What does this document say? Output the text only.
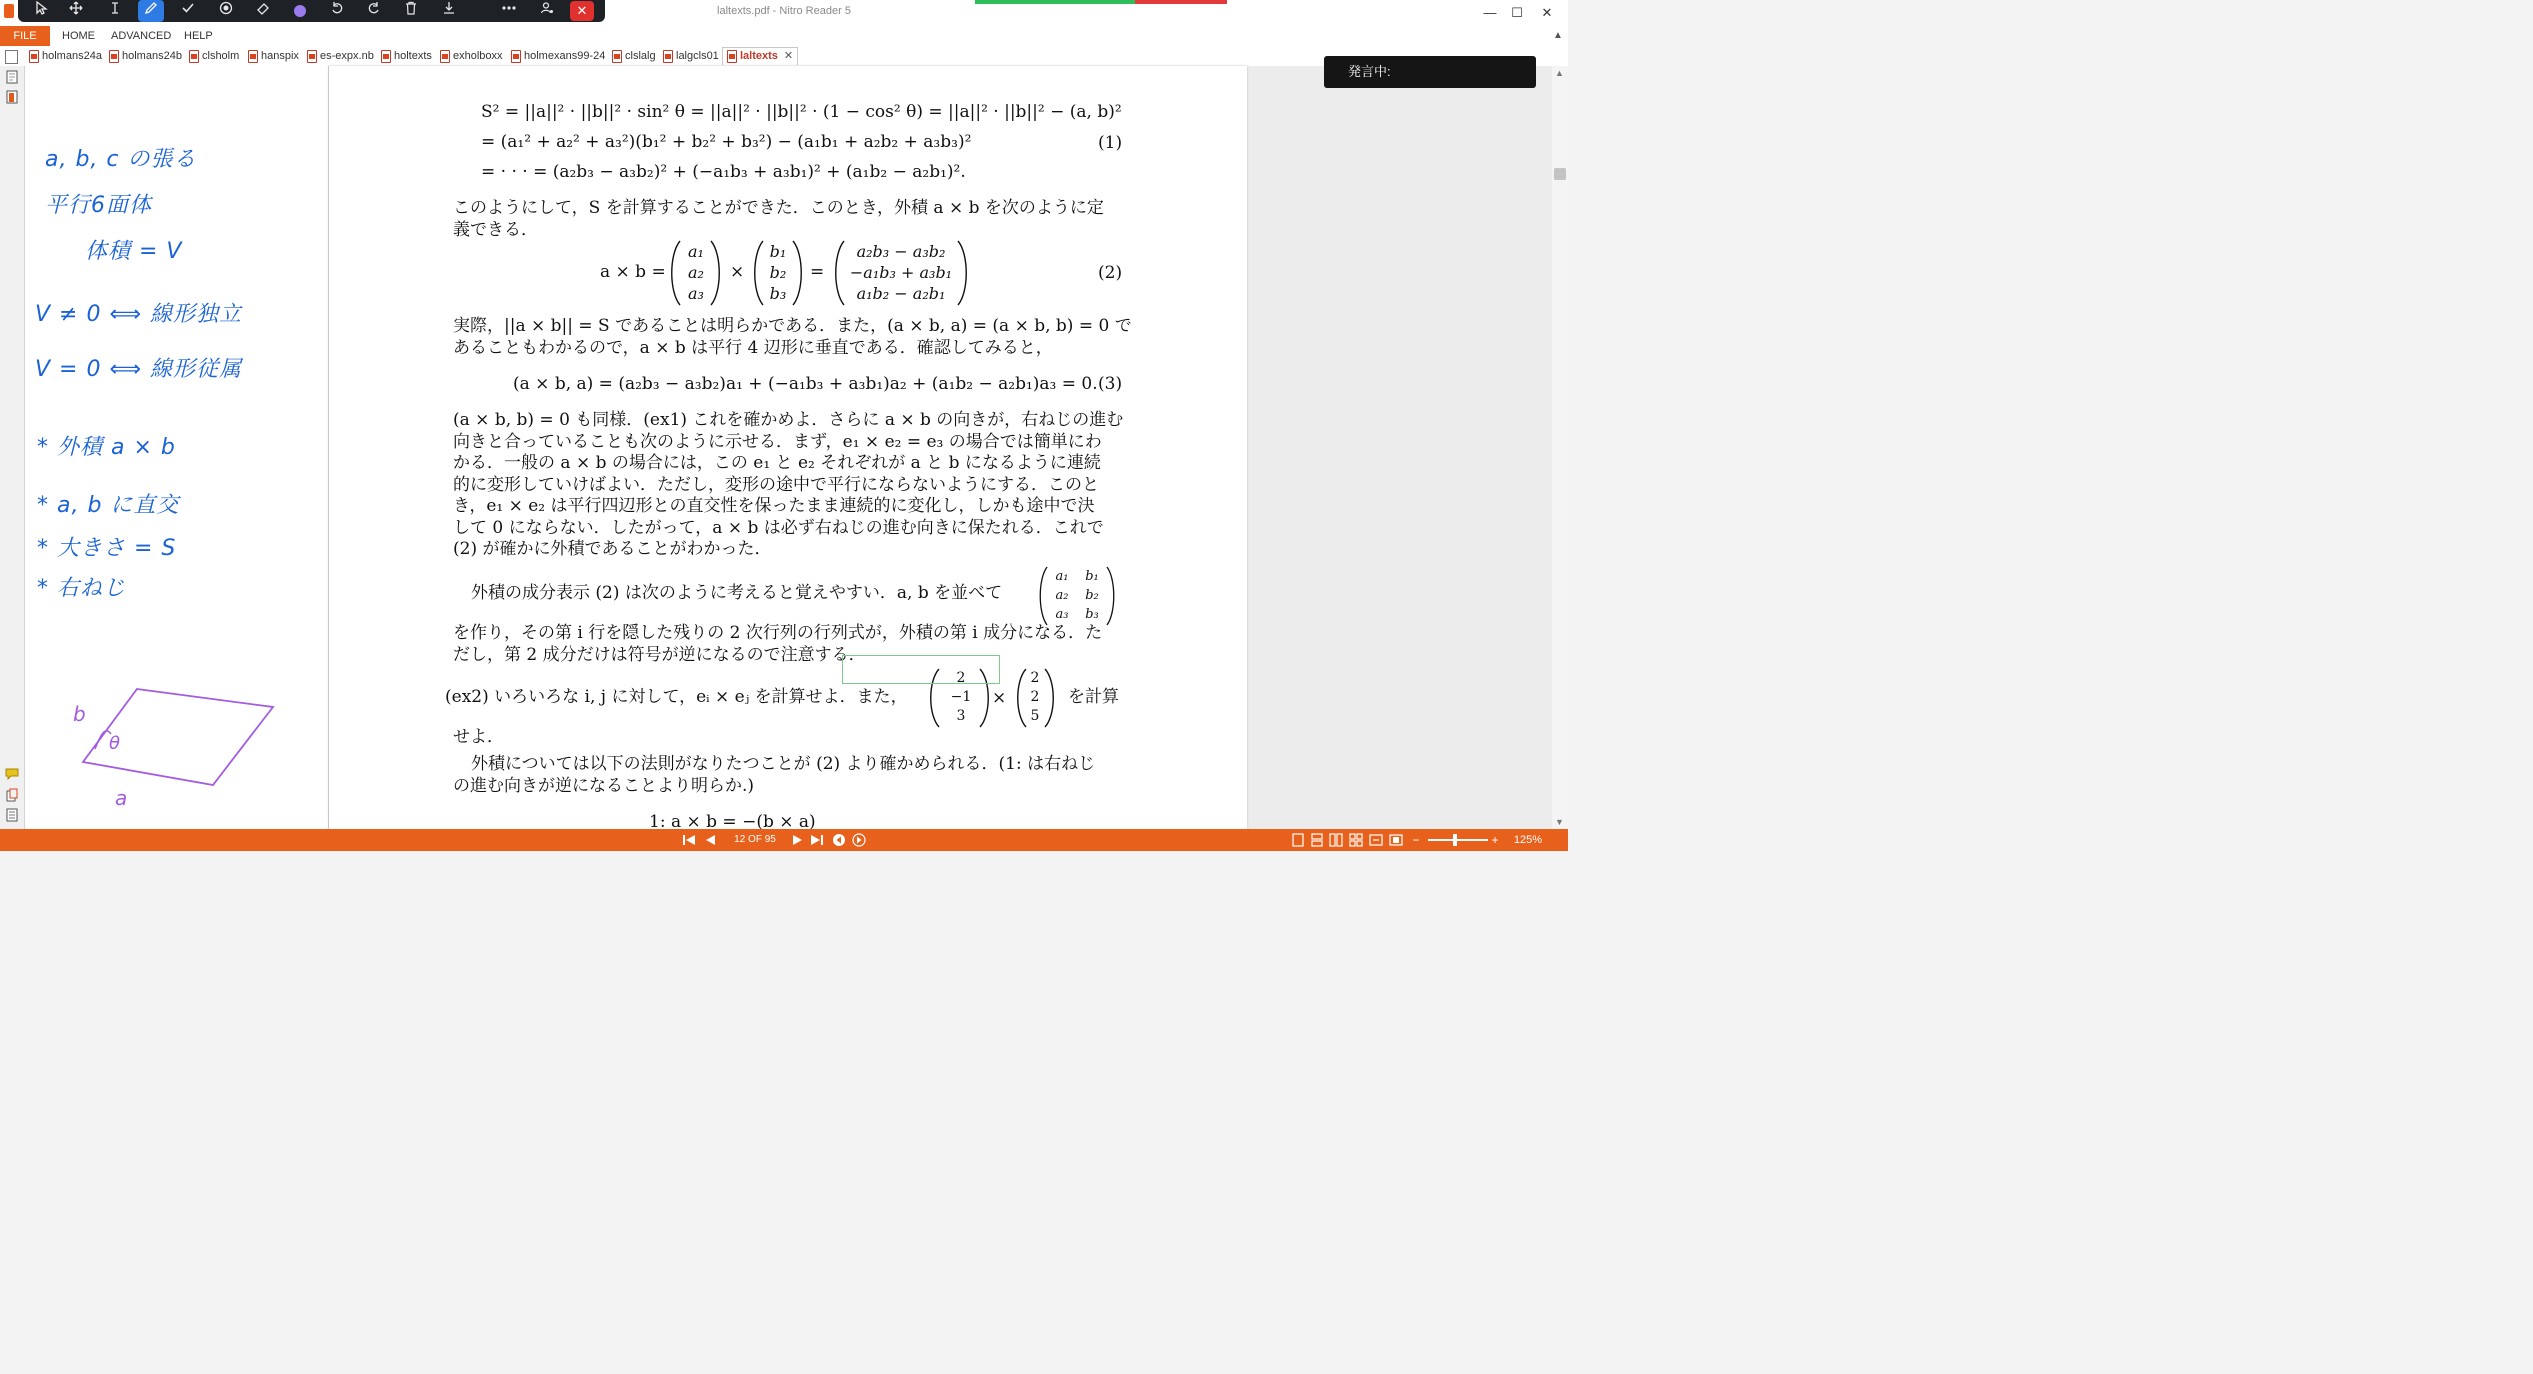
laltexts.pdf - Nitro Reader 5	—	☐	✕
✕
FILE	HOME ADVANCED HELP	▲
holmans24a holmans24b clsholm hanspix es-expx.nb holtexts exholboxx holmexans99-24 clslalg lalgcls01 laltexts ✕
a, b, c の張る
平行6面体
体積 = V
V ≠ 0 ⟺ 線形独立
V = 0 ⟺ 線形従属
* 外積 a × b
* a, b に直交
* 大きさ = S
* 右ねじ
b
θ
a
S² = ||a||² · ||b||² · sin² θ = ||a||² · ||b||² · (1 − cos² θ) = ||a||² · ||b||² − (a, b)²
= (a₁² + a₂² + a₃²)(b₁² + b₂² + b₃²) − (a₁b₁ + a₂b₂ + a₃b₃)²	(1)
= · · · = (a₂b₃ − a₃b₂)² + (−a₁b₃ + a₃b₁)² + (a₁b₂ − a₂b₁)².
このようにして，S を計算することができた．このとき，外積 a × b を次のように定
義できる．
a × b =
a₁
a₂
a₃
×
b₁
b₂
b₃
=
a₂b₃ − a₃b₂
−a₁b₃ + a₃b₁
a₁b₂ − a₂b₁
(2)
実際，||a × b|| = S であることは明らかである．また，(a × b, a) = (a × b, b) = 0 で
あることもわかるので，a × b は平行 4 辺形に垂直である．確認してみると，
(a × b, a) = (a₂b₃ − a₃b₂)a₁ + (−a₁b₃ + a₃b₁)a₂ + (a₁b₂ − a₂b₁)a₃ = 0. (3)
(a × b, b) = 0 も同様．(ex1) これを確かめよ．さらに a × b の向きが，右ねじの進む
向きと合っていることも次のように示せる．まず，e₁ × e₂ = e₃ の場合では簡単にわ
かる．一般の a × b の場合には，この e₁ と e₂ それぞれが a と b になるように連続
的に変形していけばよい．ただし，変形の途中で平行にならないようにする．このと
き，e₁ × e₂ は平行四辺形との直交性を保ったまま連続的に変化し，しかも途中で決
して 0 にならない．したがって，a × b は必ず右ねじの進む向きに保たれる．これで
(2) が確かに外積であることがわかった．
外積の成分表示 (2) は次のように考えると覚えやすい．a, b を並べて
a₁	b₁
a₂	b₂
a₃	b₃
を作り，その第 i 行を隠した残りの 2 次行列の行列式が，外積の第 i 成分になる．た
だし，第 2 成分だけは符号が逆になるので注意する．
(ex2) いろいろな i, j に対して，eᵢ × eⱼ を計算せよ．また，
2
−1
3
×
2
2
5
を計算
せよ．
外積については以下の法則がなりたつことが (2) より確かめられる．(1: は右ねじ
の進む向きが逆になることより明らか.)
1: a × b = −(b × a)
発言中:	▲
▼
12 OF 95	−	+	125%
